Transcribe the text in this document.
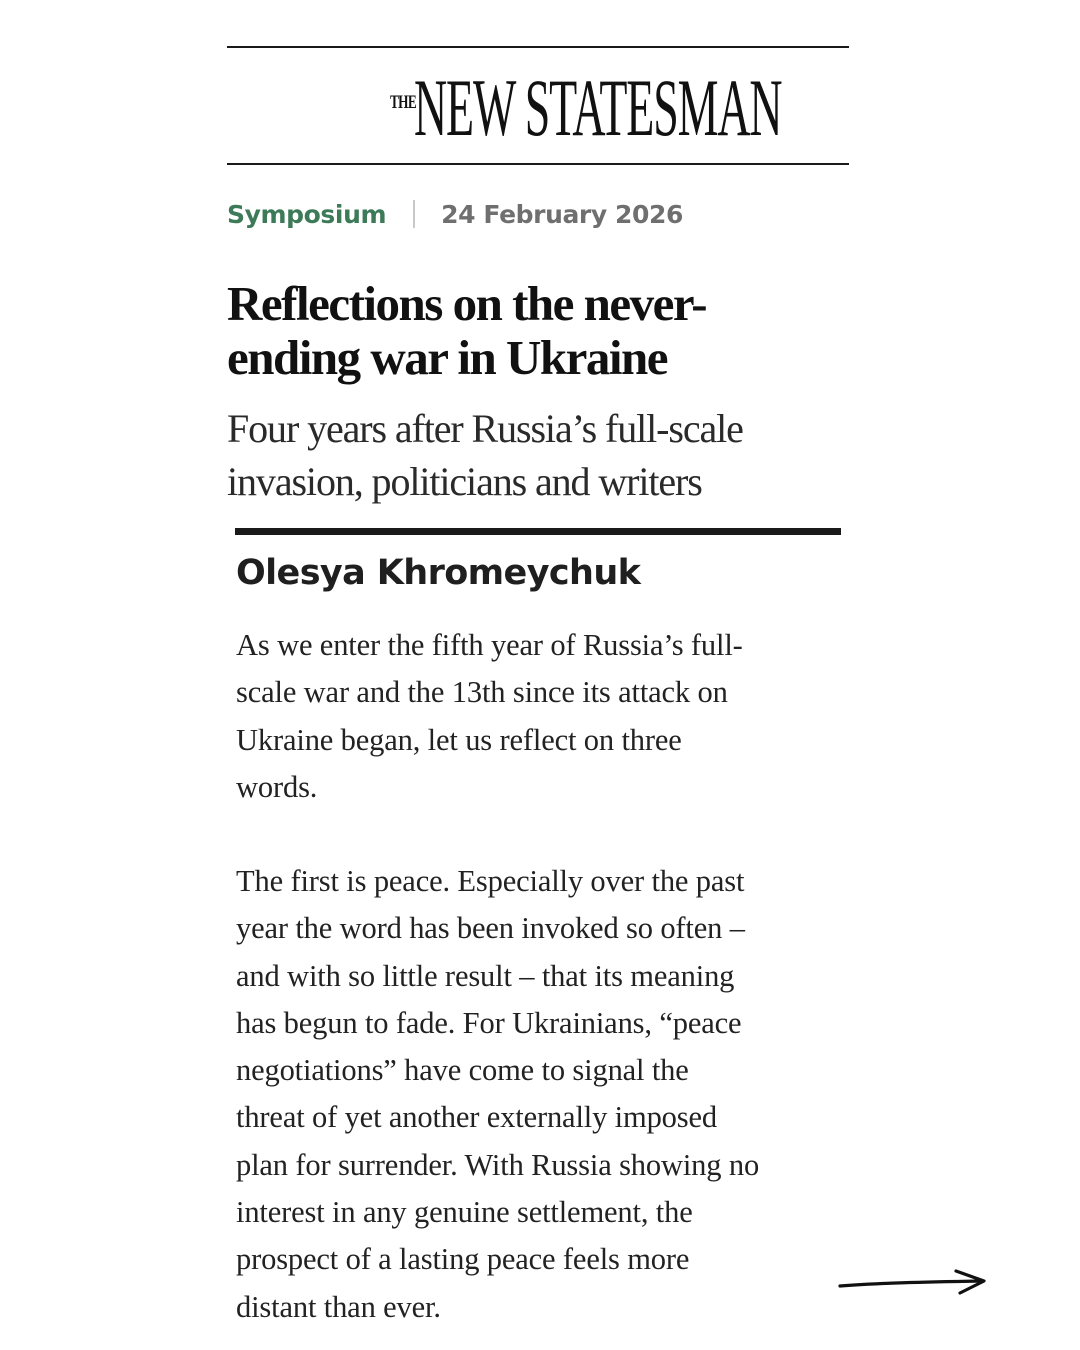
THE
NEW STATESMAN
Symposium 24 February 2026
Reflections on the never-
ending war in Ukraine

Four years after Russia’s full-scale
invasion, politicians and writers

Olesya Khromeychuk

As we enter the fifth year of Russia’s full-
scale war and the 13th since its attack on
Ukraine began, let us reflect on three
words.

The first is peace. Especially over the past
year the word has been invoked so often –
and with so little result – that its meaning
has begun to fade. For Ukrainians, “peace
negotiations” have come to signal the
threat of yet another externally imposed
plan for surrender. With Russia showing no
interest in any genuine settlement, the
prospect of a lasting peace feels more
distant than ever.
